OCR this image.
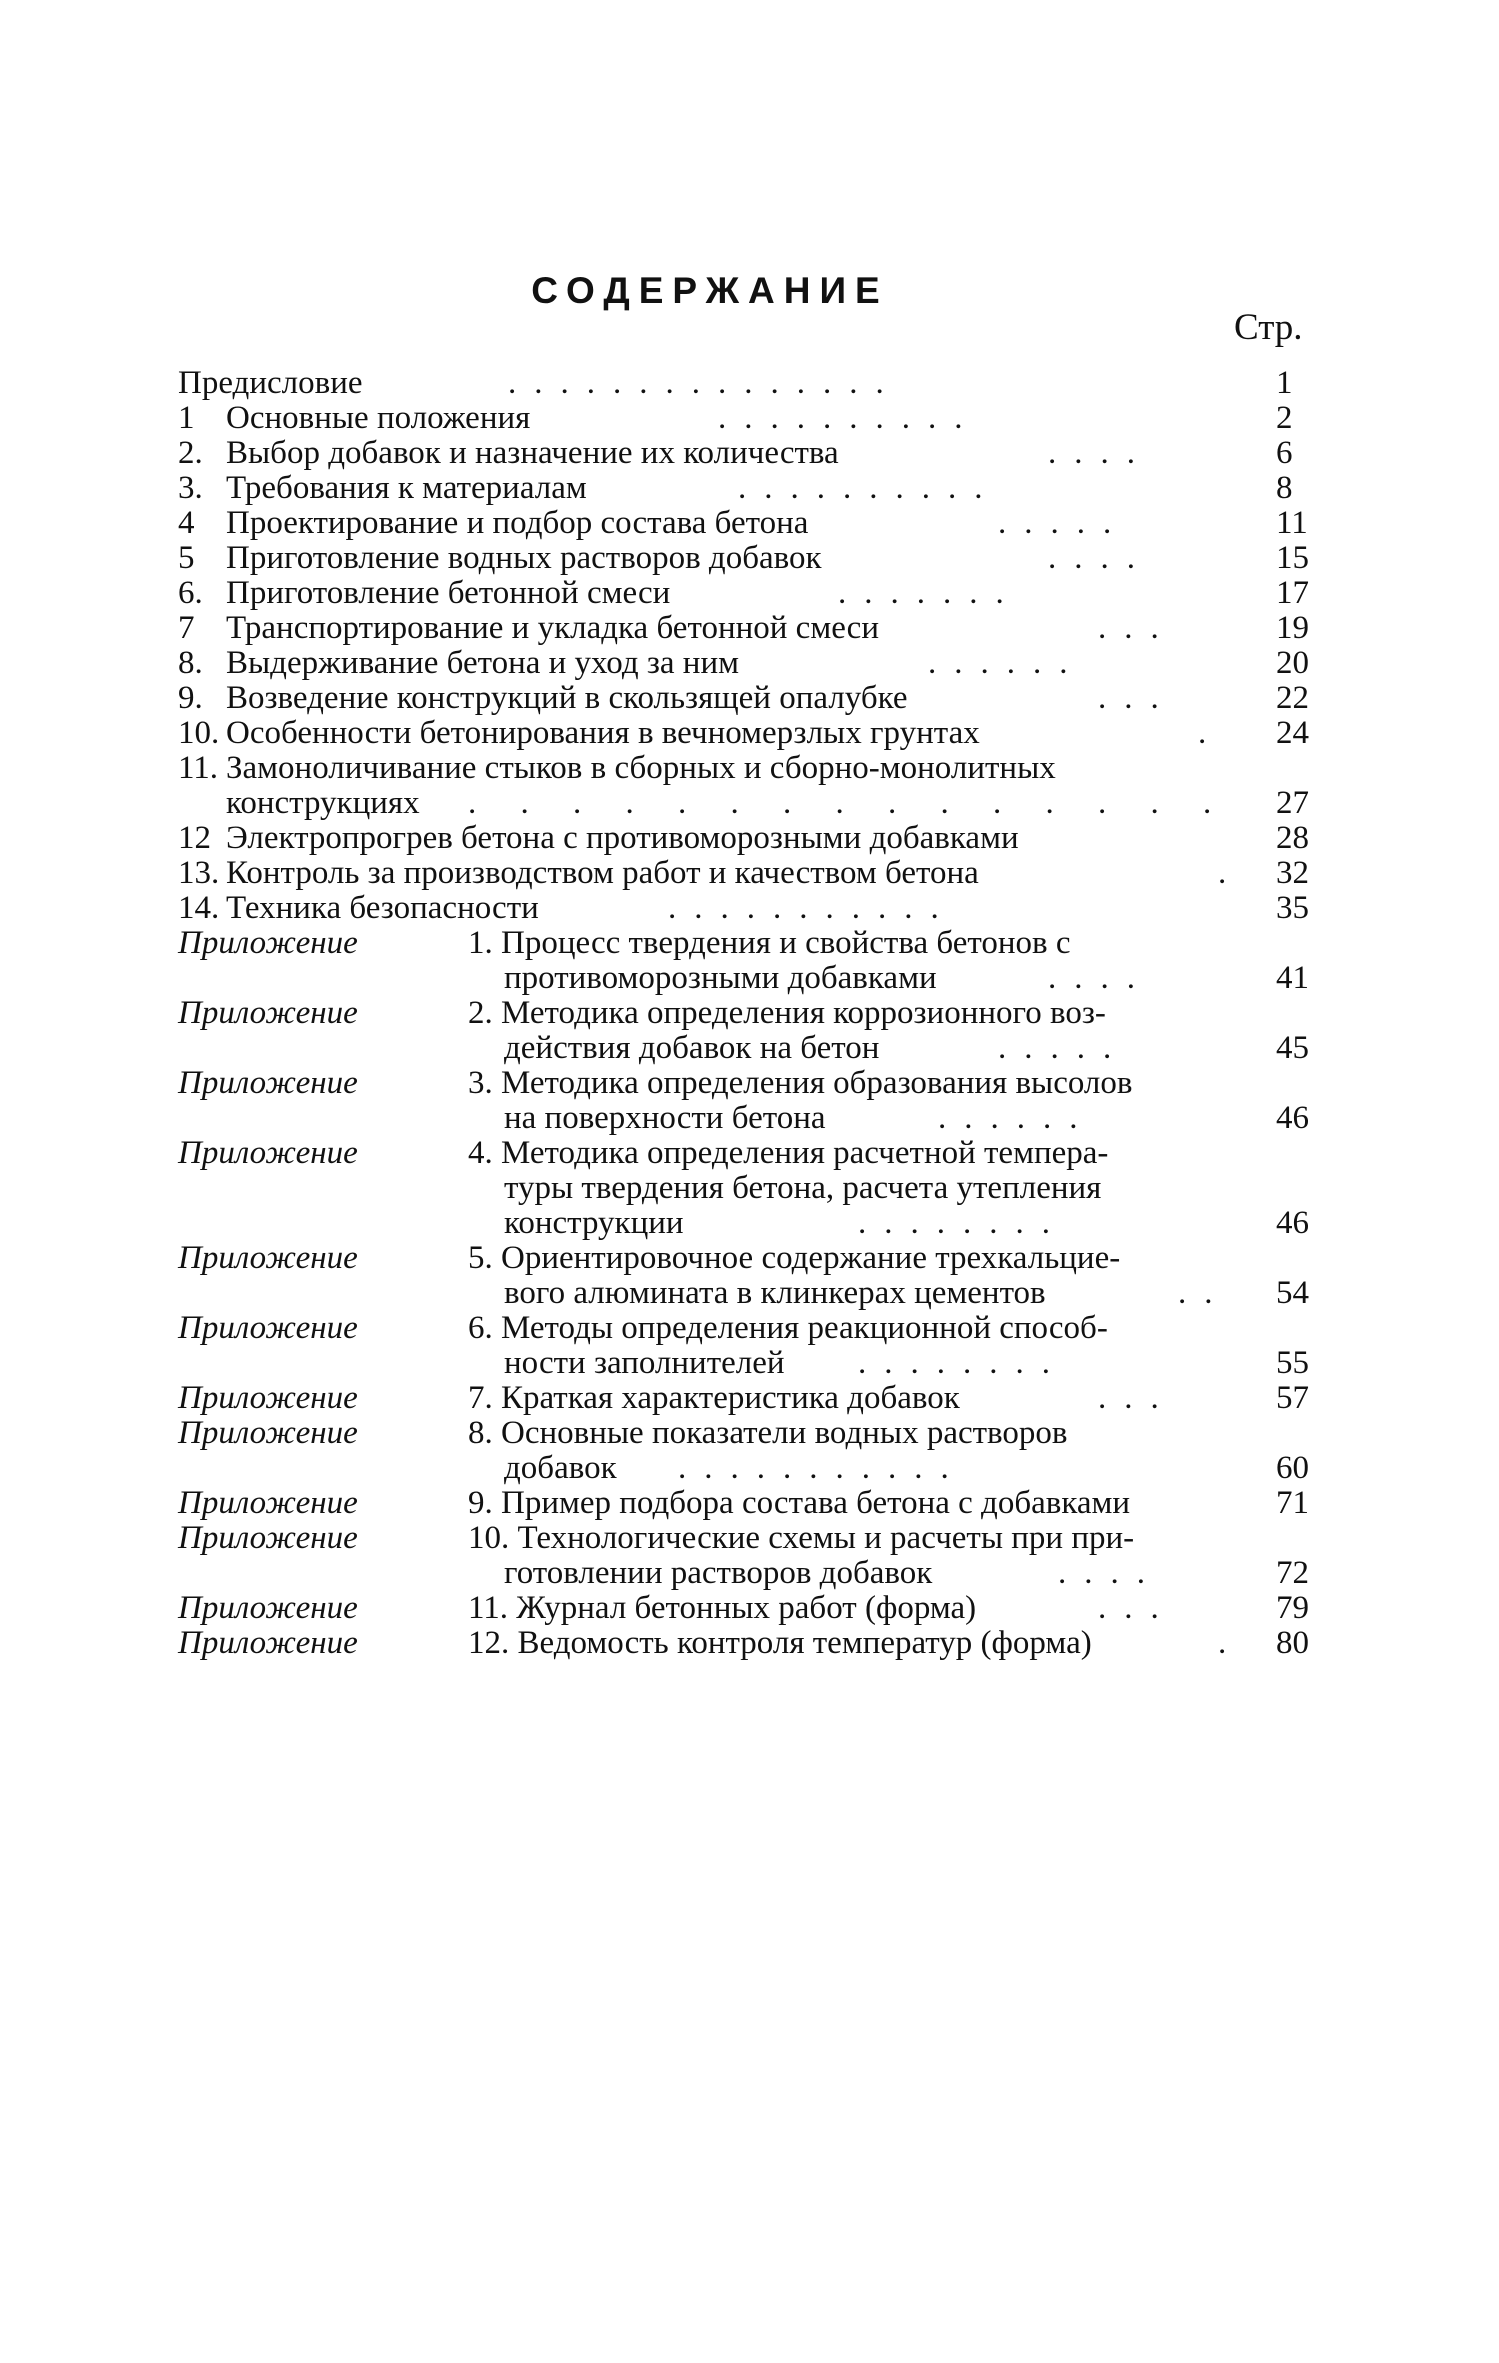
СОДЕРЖАНИЕ
Стр.
Предисловие	...............	1
1 Основные положения	..........	2
2. Выбор добавок и назначение их количества	....	6
3. Требования к материалам	..........	8
4 Проектирование и подбор состава бетона	.....	11
5 Приготовление водных растворов добавок	....	15
6. Приготовление бетонной смеси	.......	17
7 Транспортирование и укладка бетонной смеси	...	19
8. Выдерживание бетона и уход за ним	......	20
9. Возведение конструкций в скользящей опалубке	...	22
10. Особенности бетонирования в вечномерзлых грунтах	.	24
11. Замоноличивание стыков в сборных и сборно-монолитных
конструкциях . . . . . . . . . . . . . . .	27
12 Электропрогрев бетона с противоморозными добавками	28
13. Контроль за производством работ и качеством бетона	. 32
14. Техника безопасности	...........	35
Приложение	1. Процесс твердения и свойства бетонов с
противоморозными добавками	....	41
Приложение	2. Методика определения коррозионного воз-
действия добавок на бетон	.....	45
Приложение	3. Методика определения образования высолов
на поверхности бетона	......	46
Приложение	4. Методика определения расчетной темпера-
туры твердения бетона, расчета утепления
конструкции	........	46
Приложение	5. Ориентировочное содержание трехкальцие-
вого алюмината в клинкерах цементов	..	54
Приложение	6. Методы определения реакционной способ-
ности заполнителей ........	55
Приложение	7. Краткая характеристика добавок	...	57
Приложение	8. Основные показатели водных растворов
добавок ...........	60
Приложение	9. Пример подбора состава бетона с добавками	71
Приложение	10. Технологические схемы и расчеты при при-
готовлении растворов добавок	....	72
Приложение	11. Журнал бетонных работ (форма)	...	79
Приложение	12. Ведомость контроля температур (форма)	. 80
